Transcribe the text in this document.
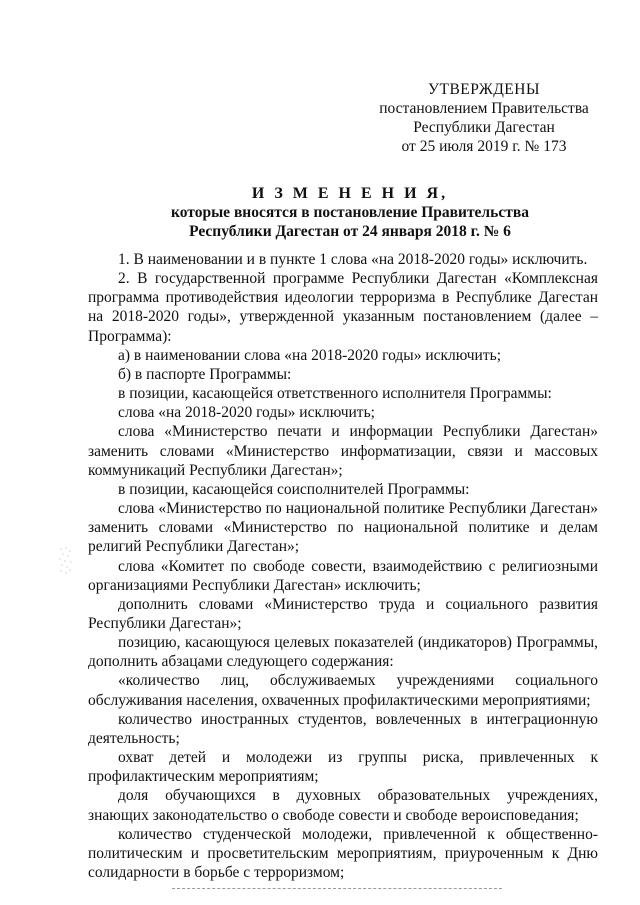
УТВЕРЖДЕНЫ
постановлением Правительства
Республики Дагестан
от 25 июля 2019 г. № 173
И З М Е Н Е Н И Я,
которые вносятся в постановление Правительства
Республики Дагестан от 24 января 2018 г. № 6

1. В наименовании и в пункте 1 слова «на 2018-2020 годы» исключить.

2. В государственной программе Республики Дагестан «Комплексная программа противодействия идеологии терроризма в Республике Дагестан на 2018-2020 годы», утвержденной указанным постановлением (далее – Программа):

а) в наименовании слова «на 2018-2020 годы» исключить;

б) в паспорте Программы:

в позиции, касающейся ответственного исполнителя Программы:

слова «на 2018-2020 годы» исключить;

слова «Министерство печати и информации Республики Дагестан» заменить словами «Министерство информатизации, связи и массовых коммуникаций Республики Дагестан»;

в позиции, касающейся соисполнителей Программы:

слова «Министерство по национальной политике Республики Дагестан» заменить словами «Министерство по национальной политике и делам религий Республики Дагестан»;

слова «Комитет по свободе совести, взаимодействию с религиозными организациями Республики Дагестан» исключить;

дополнить словами «Министерство труда и социального развития Республики Дагестан»;

позицию, касающуюся целевых показателей (индикаторов) Программы, дополнить абзацами следующего содержания:

«количество лиц, обслуживаемых учреждениями социального обслуживания населения, охваченных профилактическими мероприятиями;

количество иностранных студентов, вовлеченных в интеграционную деятельность;

охват детей и молодежи из группы риска, привлеченных к профилактическим мероприятиям;

доля обучающихся в духовных образовательных учреждениях, знающих законодательство о свободе совести и свободе вероисповедания;

количество студенческой молодежи, привлеченной к общественно-политическим и просветительским мероприятиям, приуроченным к Дню солидарности в борьбе с терроризмом;
